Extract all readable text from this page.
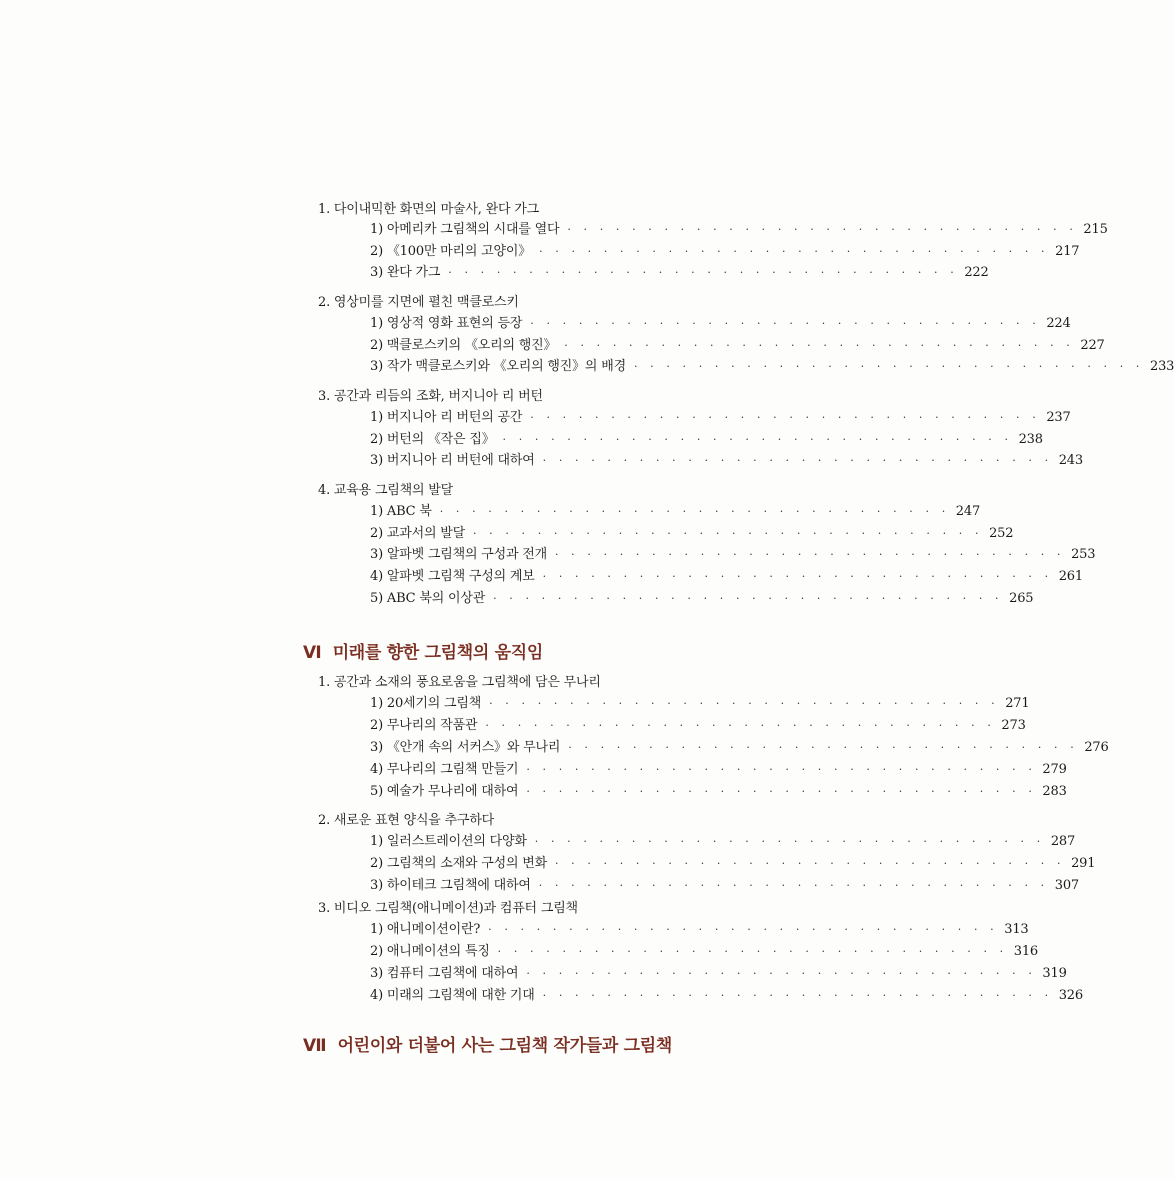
1. 다이내믹한 화면의 마술사, 완다 가그
1) 아메리카 그림책의 시대를 열다 · · · · · · · · · · · · · · · · · · · · · · · · · · · · · · · · 215
2) 《100만 마리의 고양이》 · · · · · · · · · · · · · · · · · · · · · · · · · · · · · · · · 217
3) 완다 가그 · · · · · · · · · · · · · · · · · · · · · · · · · · · · · · · · 222
2. 영상미를 지면에 펼친 맥클로스키
1) 영상적 영화 표현의 등장 · · · · · · · · · · · · · · · · · · · · · · · · · · · · · · · · 224
2) 맥클로스키의 《오리의 행진》 · · · · · · · · · · · · · · · · · · · · · · · · · · · · · · · · 227
3) 작가 맥클로스키와 《오리의 행진》의 배경 · · · · · · · · · · · · · · · · · · · · · · · · · · · · · · · · 233
3. 공간과 리듬의 조화, 버지니아 리 버턴
1) 버지니아 리 버턴의 공간 · · · · · · · · · · · · · · · · · · · · · · · · · · · · · · · · 237
2) 버턴의 《작은 집》 · · · · · · · · · · · · · · · · · · · · · · · · · · · · · · · · 238
3) 버지니아 리 버턴에 대하여 · · · · · · · · · · · · · · · · · · · · · · · · · · · · · · · · 243
4. 교육용 그림책의 발달
1) ABC 북 · · · · · · · · · · · · · · · · · · · · · · · · · · · · · · · · 247
2) 교과서의 발달 · · · · · · · · · · · · · · · · · · · · · · · · · · · · · · · · 252
3) 알파벳 그림책의 구성과 전개 · · · · · · · · · · · · · · · · · · · · · · · · · · · · · · · · 253
4) 알파벳 그림책 구성의 계보 · · · · · · · · · · · · · · · · · · · · · · · · · · · · · · · · 261
5) ABC 북의 이상관 · · · · · · · · · · · · · · · · · · · · · · · · · · · · · · · · 265
Ⅵ 미래를 향한 그림책의 움직임
1. 공간과 소재의 풍요로움을 그림책에 담은 무나리
1) 20세기의 그림책 · · · · · · · · · · · · · · · · · · · · · · · · · · · · · · · · 271
2) 무나리의 작품관 · · · · · · · · · · · · · · · · · · · · · · · · · · · · · · · · 273
3) 《안개 속의 서커스》와 무나리 · · · · · · · · · · · · · · · · · · · · · · · · · · · · · · · · 276
4) 무나리의 그림책 만들기 · · · · · · · · · · · · · · · · · · · · · · · · · · · · · · · · 279
5) 예술가 무나리에 대하여 · · · · · · · · · · · · · · · · · · · · · · · · · · · · · · · · 283
2. 새로운 표현 양식을 추구하다
1) 일러스트레이션의 다양화 · · · · · · · · · · · · · · · · · · · · · · · · · · · · · · · · 287
2) 그림책의 소재와 구성의 변화 · · · · · · · · · · · · · · · · · · · · · · · · · · · · · · · · 291
3) 하이테크 그림책에 대하여 · · · · · · · · · · · · · · · · · · · · · · · · · · · · · · · · 307
3. 비디오 그림책(애니메이션)과 컴퓨터 그림책
1) 애니메이션이란? · · · · · · · · · · · · · · · · · · · · · · · · · · · · · · · · 313
2) 애니메이션의 특징 · · · · · · · · · · · · · · · · · · · · · · · · · · · · · · · · 316
3) 컴퓨터 그림책에 대하여 · · · · · · · · · · · · · · · · · · · · · · · · · · · · · · · · 319
4) 미래의 그림책에 대한 기대 · · · · · · · · · · · · · · · · · · · · · · · · · · · · · · · · 326
Ⅶ 어린이와 더불어 사는 그림책 작가들과 그림책
